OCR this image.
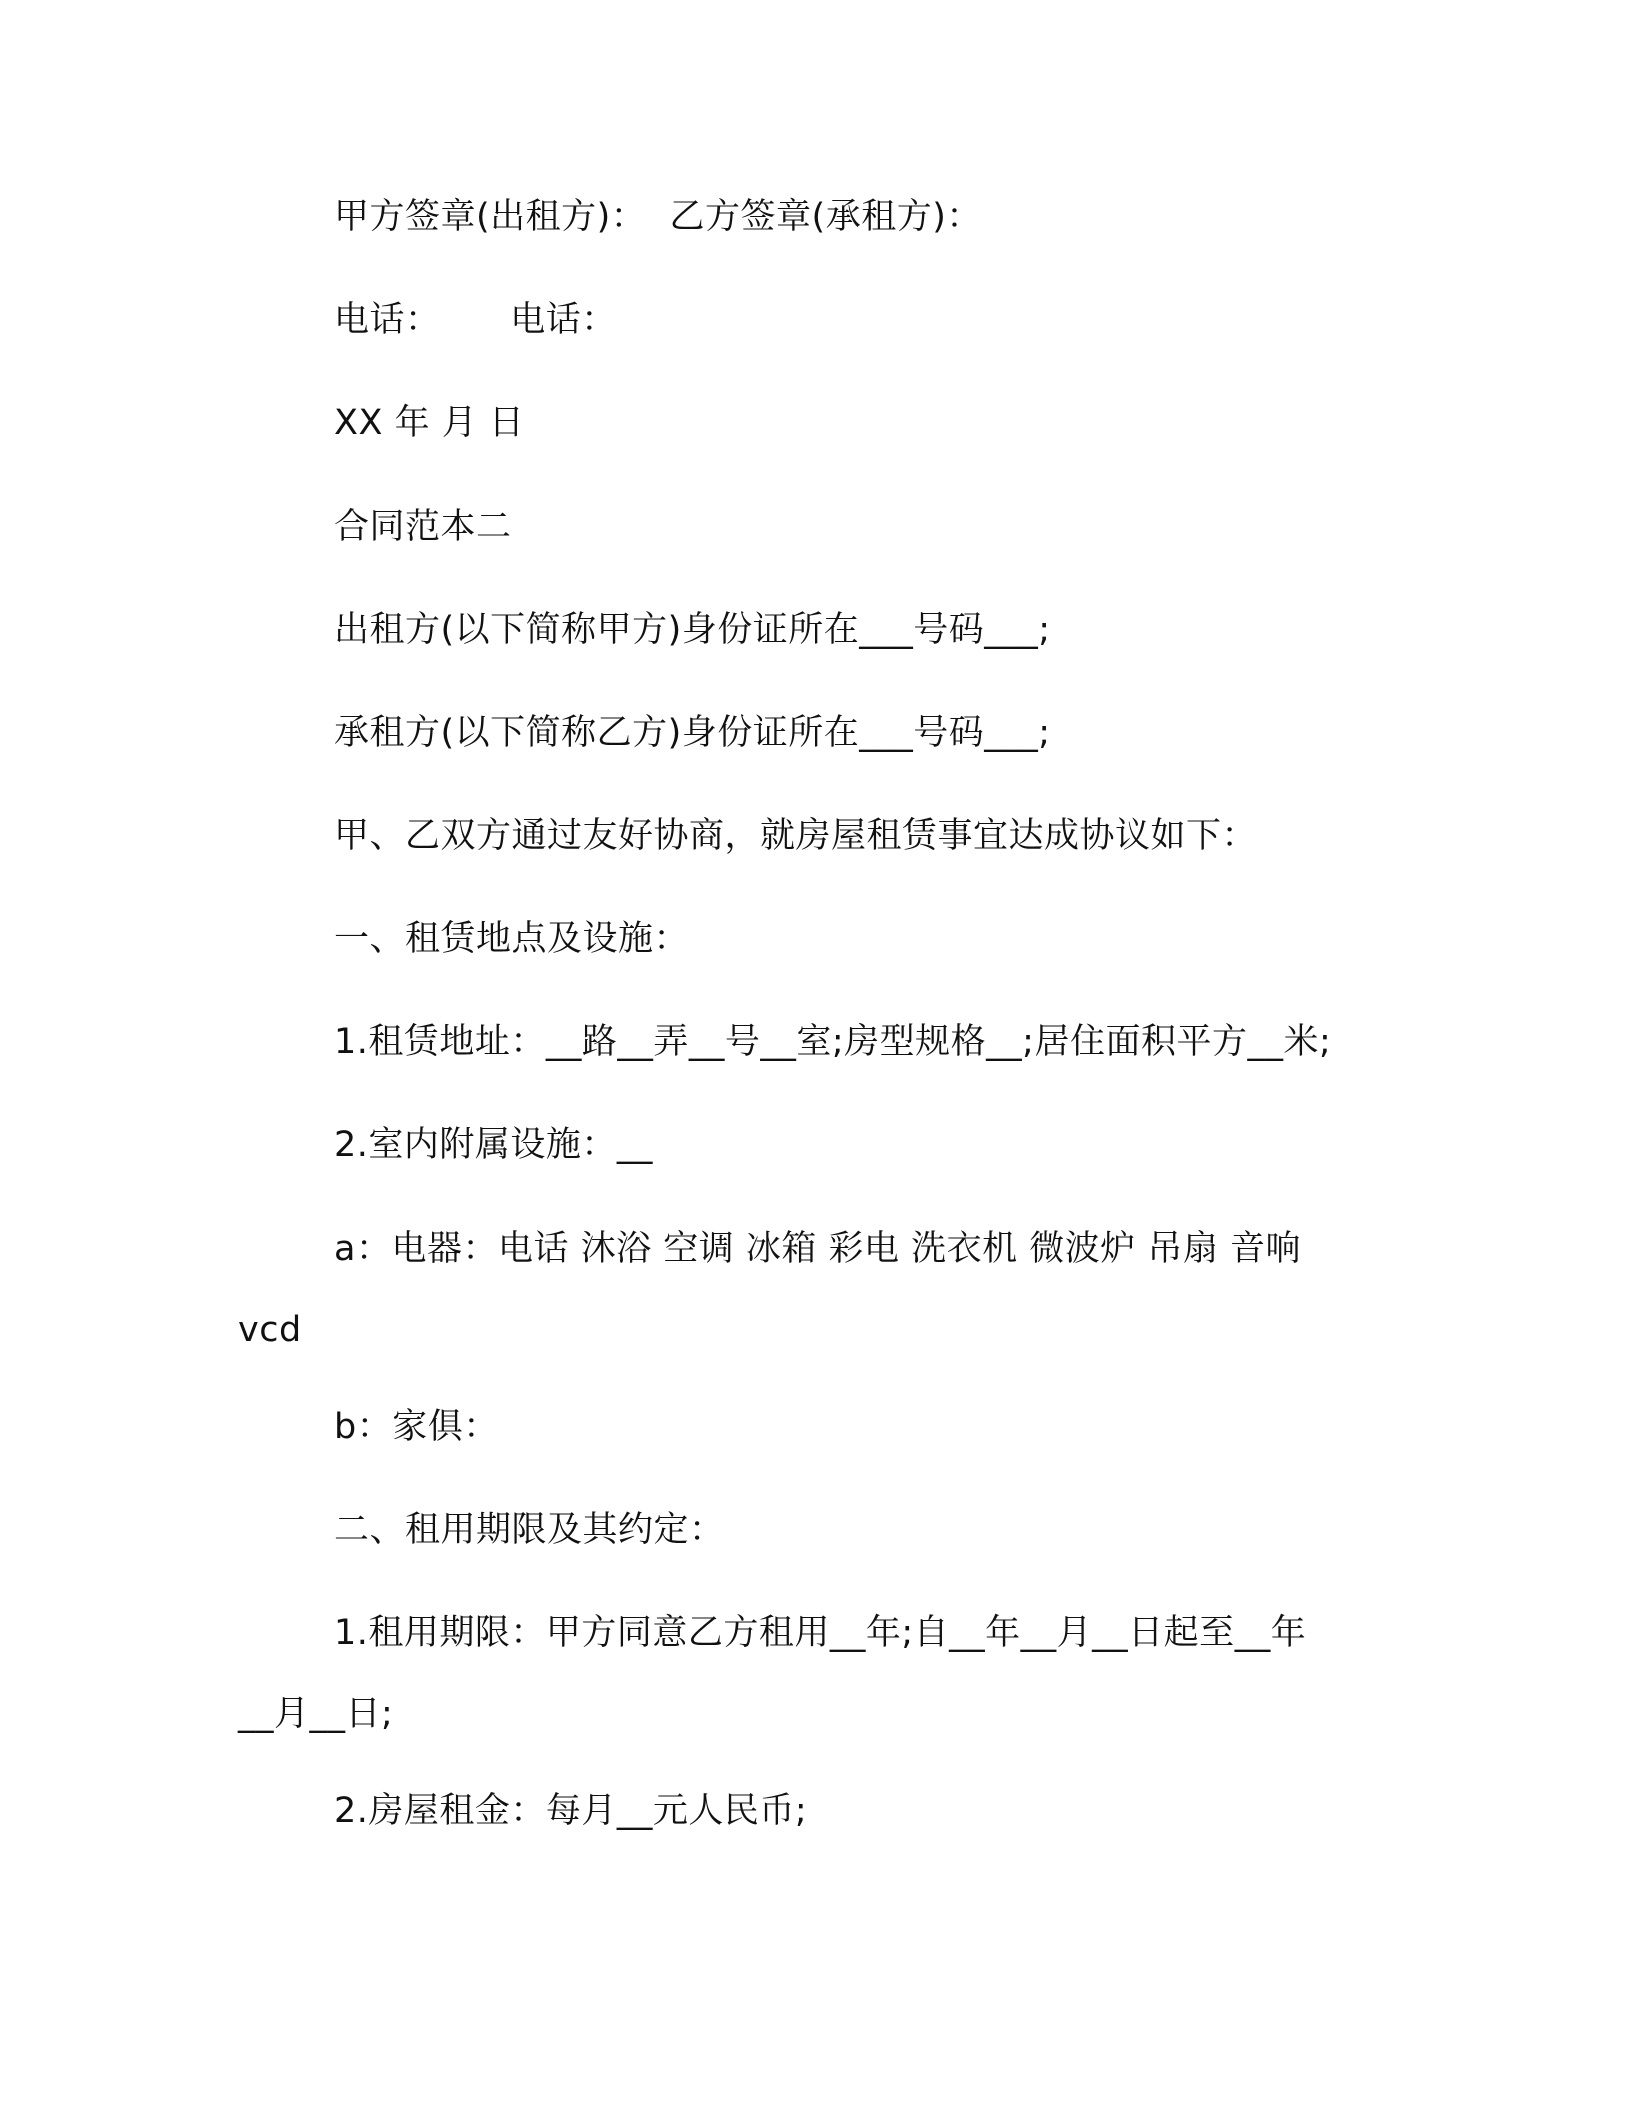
甲方签章(出租方)：  乙方签章(承租方)：

电话：      电话：

XX 年 月 日

合同范本二

出租方(以下简称甲方)身份证所在___号码___;

承租方(以下简称乙方)身份证所在___号码___;

甲、乙双方通过友好协商，就房屋租赁事宜达成协议如下：

一、租赁地点及设施：

1.租赁地址：__路__弄__号__室;房型规格__;居住面积平方__米;

2.室内附属设施：__

a：电器：电话 沐浴 空调 冰箱 彩电 洗衣机 微波炉 吊扇 音响

vcd

b：家俱：

二、租用期限及其约定：

1.租用期限：甲方同意乙方租用__年;自__年__月__日起至__年

__月__日;

2.房屋租金：每月__元人民币;
